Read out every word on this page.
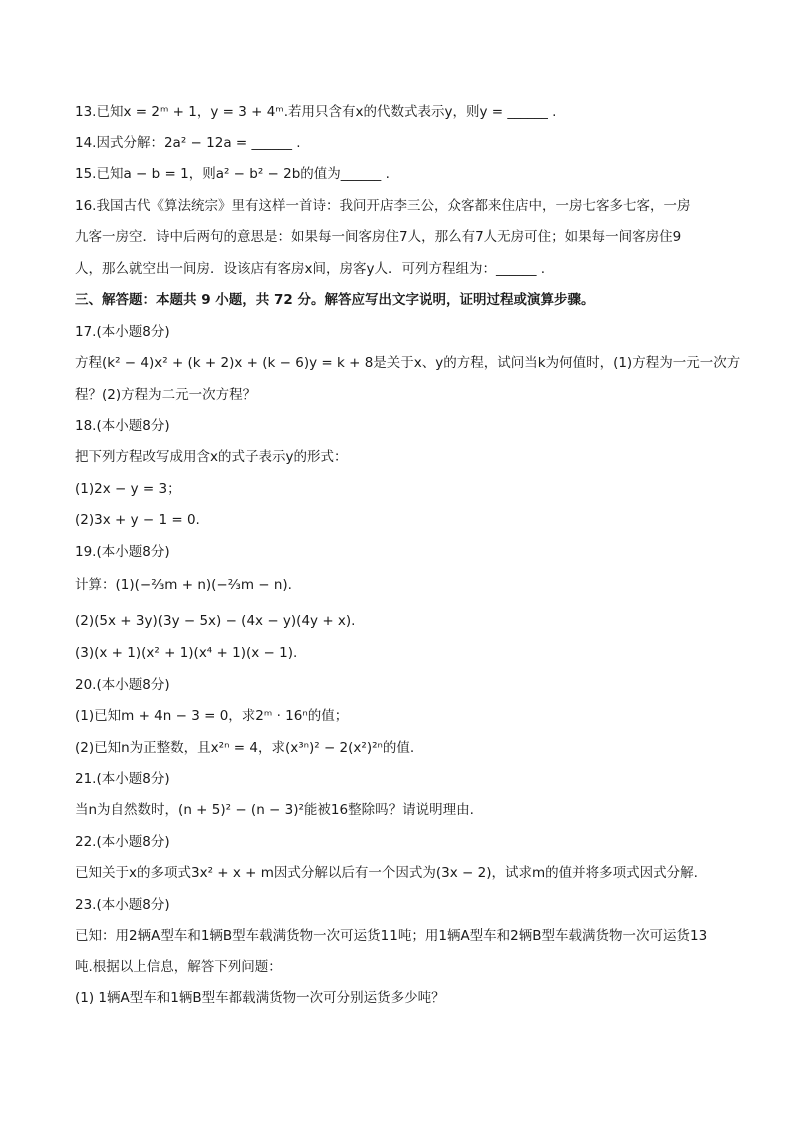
13.已知x = 2ᵐ + 1，y = 3 + 4ᵐ.若用只含有x的代数式表示y，则y = ______ .

14.因式分解：2a² − 12a = ______ .

15.已知a − b = 1，则a² − b² − 2b的值为______ .

16.我国古代《算法统宗》里有这样一首诗：我问开店李三公，众客都来住店中，一房七客多七客，一房

九客一房空．诗中后两句的意思是：如果每一间客房住7人，那么有7人无房可住；如果每一间客房住9

人，那么就空出一间房．设该店有客房x间，房客y人．可列方程组为：______ .

三、解答题：本题共 9 小题，共 72 分。解答应写出文字说明，证明过程或演算步骤。

17.(本小题8分)

方程(k² − 4)x² + (k + 2)x + (k − 6)y = k + 8是关于x、y的方程，试问当k为何值时，(1)方程为一元一次方

程？(2)方程为二元一次方程？

18.(本小题8分)

把下列方程改写成用含x的式子表示y的形式：

(1)2x − y = 3；

(2)3x + y − 1 = 0.

19.(本小题8分)

计算：(1)(−⅔m + n)(−⅔m − n).

(2)(5x + 3y)(3y − 5x) − (4x − y)(4y + x).

(3)(x + 1)(x² + 1)(x⁴ + 1)(x − 1).

20.(本小题8分)

(1)已知m + 4n − 3 = 0，求2ᵐ · 16ⁿ的值；

(2)已知n为正整数，且x²ⁿ = 4，求(x³ⁿ)² − 2(x²)²ⁿ的值.

21.(本小题8分)

当n为自然数时，(n + 5)² − (n − 3)²能被16整除吗？请说明理由.

22.(本小题8分)

已知关于x的多项式3x² + x + m因式分解以后有一个因式为(3x − 2)，试求m的值并将多项式因式分解.

23.(本小题8分)

已知：用2辆A型车和1辆B型车载满货物一次可运货11吨；用1辆A型车和2辆B型车载满货物一次可运货13

吨.根据以上信息，解答下列问题：

(1) 1辆A型车和1辆B型车都载满货物一次可分别运货多少吨？
